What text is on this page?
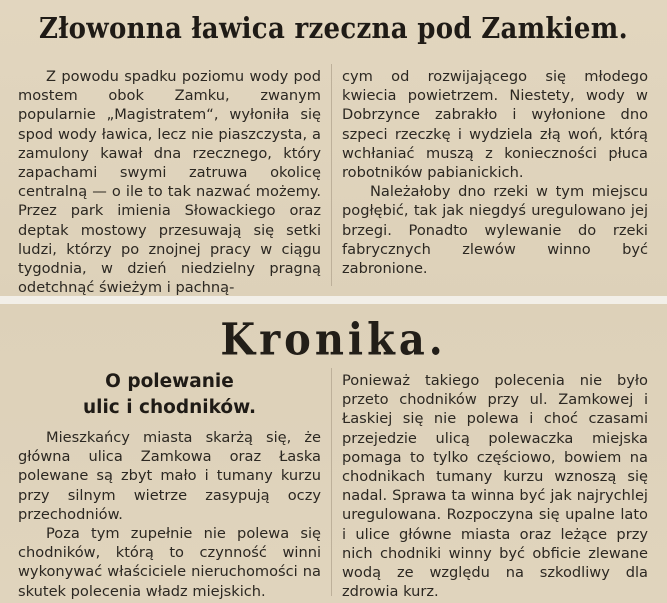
Złowonna ławica rzeczna pod Zamkiem.

Z powodu spadku poziomu wody pod mostem obok Zamku, zwanym popularnie „Magistratem“, wyłoniła się spod wody ławica, lecz nie piaszczysta, a zamulony kawał dna rzecznego, który zapachami swymi zatruwa okolicę centralną — o ile to tak nazwać możemy. Przez park imienia Słowackiego oraz deptak mostowy przesuwają się setki ludzi, którzy po znojnej pracy w ciągu tygodnia, w dzień niedzielny pragną odetchnąć świeżym i pachną-

cym od rozwijającego się młodego kwiecia powietrzem. Niestety, wody w Dobrzynce zabrakło i wyłonione dno szpeci rzeczkę i wydziela złą woń, którą wchłaniać muszą z konieczności płuca robotników pabianickich.

Należałoby dno rzeki w tym miejscu pogłębić, tak jak niegdyś uregulowano jej brzegi. Ponadto wylewanie do rzeki fabrycznych zlewów winno być zabronione.

Kronika.
O polewanie
ulic i chodników.

Mieszkańcy miasta skarżą się, że główna ulica Zamkowa oraz Łaska polewane są zbyt mało i tumany kurzu przy silnym wietrze zasypują oczy przechodniów.

Poza tym zupełnie nie polewa się chodników, którą to czynność winni wykonywać właściciele nieruchomości na skutek polecenia władz miejskich.

Ponieważ takiego polecenia nie było przeto chodników przy ul. Zamkowej i Łaskiej się nie polewa i choć czasami przejedzie ulicą polewaczka miejska pomaga to tylko częściowo, bowiem na chodnikach tumany kurzu wznoszą się nadal. Sprawa ta winna być jak najrychlej uregulowana. Rozpoczyna się upalne lato i ulice główne miasta oraz leżące przy nich chodniki winny być obficie zlewane wodą ze względu na szkodliwy dla zdrowia kurz.
